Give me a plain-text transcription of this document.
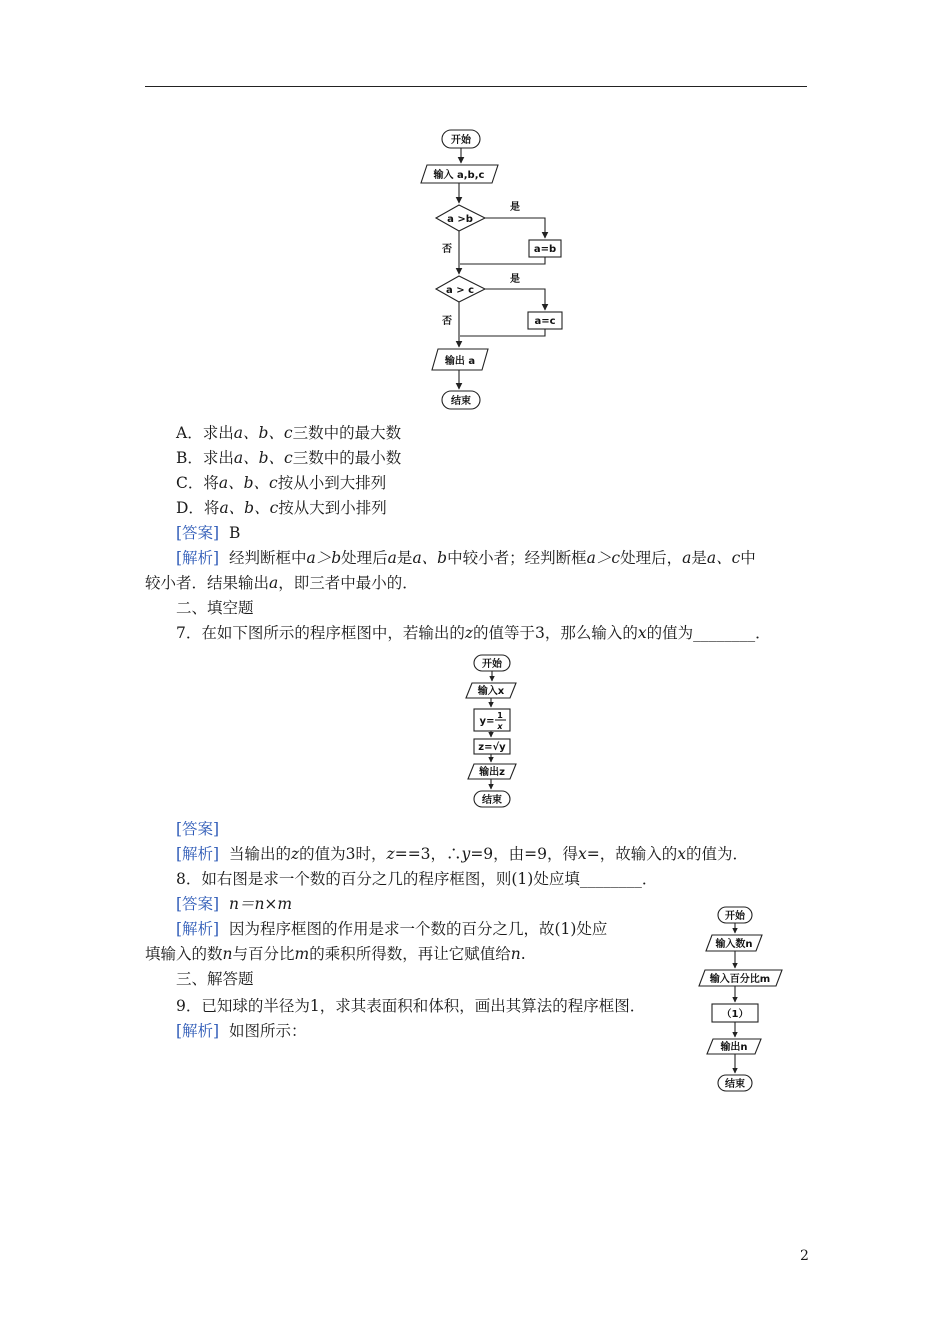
开始
输入 a,b,c
a >b
是
a=b
否
a > c
是
a=c
否
输出 a
结束
A．求出a、b、c三数中的最大数
B．求出a、b、c三数中的最小数
C．将a、b、c按从小到大排列
D．将a、b、c按从大到小排列
[答案] B
[解析] 经判断框中a＞b处理后a是a、b中较小者；经判断框a＞c处理后，a是a、c中
较小者．结果输出a，即三者中最小的．
二、填空题
7．在如下图所示的程序框图中，若输出的z的值等于3，那么输入的x的值为________．
开始
输入x
y=
1
x
z=√y
输出z
结束
[答案]
[解析] 当输出的z的值为3时，z==3，∴y=9，由=9，得x=，故输入的x的值为．
8．如右图是求一个数的百分之几的程序框图，则(1)处应填________．
[答案] n＝n×m
[解析] 因为程序框图的作用是求一个数的百分之几，故(1)处应
填输入的数n与百分比m的乘积所得数，再让它赋值给n.
三、解答题
9．已知球的半径为1，求其表面积和体积，画出其算法的程序框图．
[解析] 如图所示：
开始
输入数n
输入百分比m
（1）
输出n
结束
2
